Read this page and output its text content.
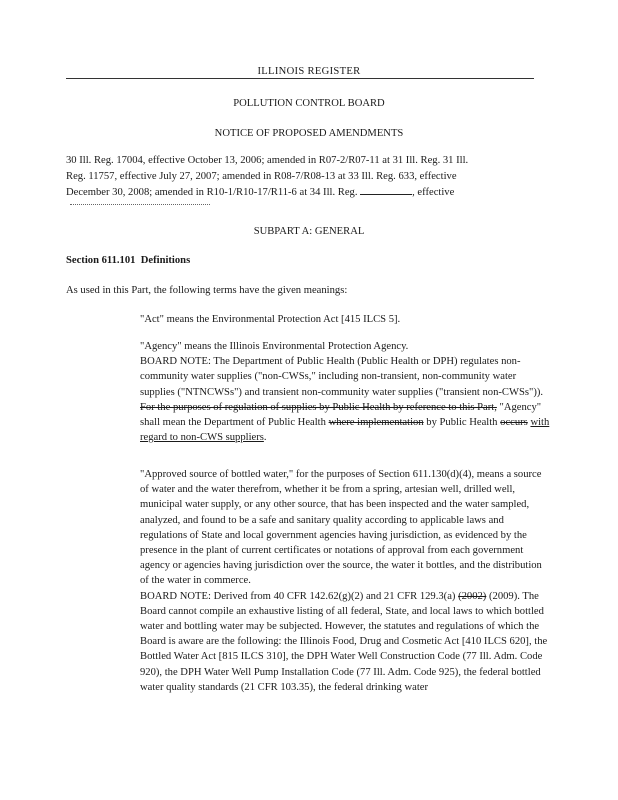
ILLINOIS REGISTER
POLLUTION CONTROL BOARD
NOTICE OF PROPOSED AMENDMENTS
30 Ill. Reg. 17004, effective October 13, 2006; amended in R07-2/R07-11 at 31 Ill. Reg. 31 Ill.
Reg. 11757, effective July 27, 2007; amended in R08-7/R08-13 at 33 Ill. Reg. 633, effective
December 30, 2008; amended in R10-1/R10-17/R11-6 at 34 Ill. Reg.	, effective
SUBPART A: GENERAL
Section 611.101 Definitions
As used in this Part, the following terms have the given meanings:
"Act" means the Environmental Protection Act [415 ILCS 5].

"Agency" means the Illinois Environmental Protection Agency.

BOARD NOTE: The Department of Public Health (Public Health or DPH) regulates non-community water supplies ("non-CWSs," including non-transient, non-community water supplies ("NTNCWSs") and transient non-community water supplies ("transient non-CWSs")). For the purposes of regulation of supplies by Public Health by reference to this Part, "Agency" shall mean the Department of Public Health where implementation by Public Health occurs with regard to non-CWS suppliers.

"Approved source of bottled water," for the purposes of Section 611.130(d)(4), means a source of water and the water therefrom, whether it be from a spring, artesian well, drilled well, municipal water supply, or any other source, that has been inspected and the water sampled, analyzed, and found to be a safe and sanitary quality according to applicable laws and regulations of State and local government agencies having jurisdiction, as evidenced by the presence in the plant of current certificates or notations of approval from each government agency or agencies having jurisdiction over the source, the water it bottles, and the distribution of the water in commerce.

BOARD NOTE: Derived from 40 CFR 142.62(g)(2) and 21 CFR 129.3(a) (2002) (2009). The Board cannot compile an exhaustive listing of all federal, State, and local laws to which bottled water and bottling water may be subjected. However, the statutes and regulations of which the Board is aware are the following: the Illinois Food, Drug and Cosmetic Act [410 ILCS 620], the Bottled Water Act [815 ILCS 310], the DPH Water Well Construction Code (77 Ill. Adm. Code 920), the DPH Water Well Pump Installation Code (77 Ill. Adm. Code 925), the federal bottled water quality standards (21 CFR 103.35), the federal drinking water
